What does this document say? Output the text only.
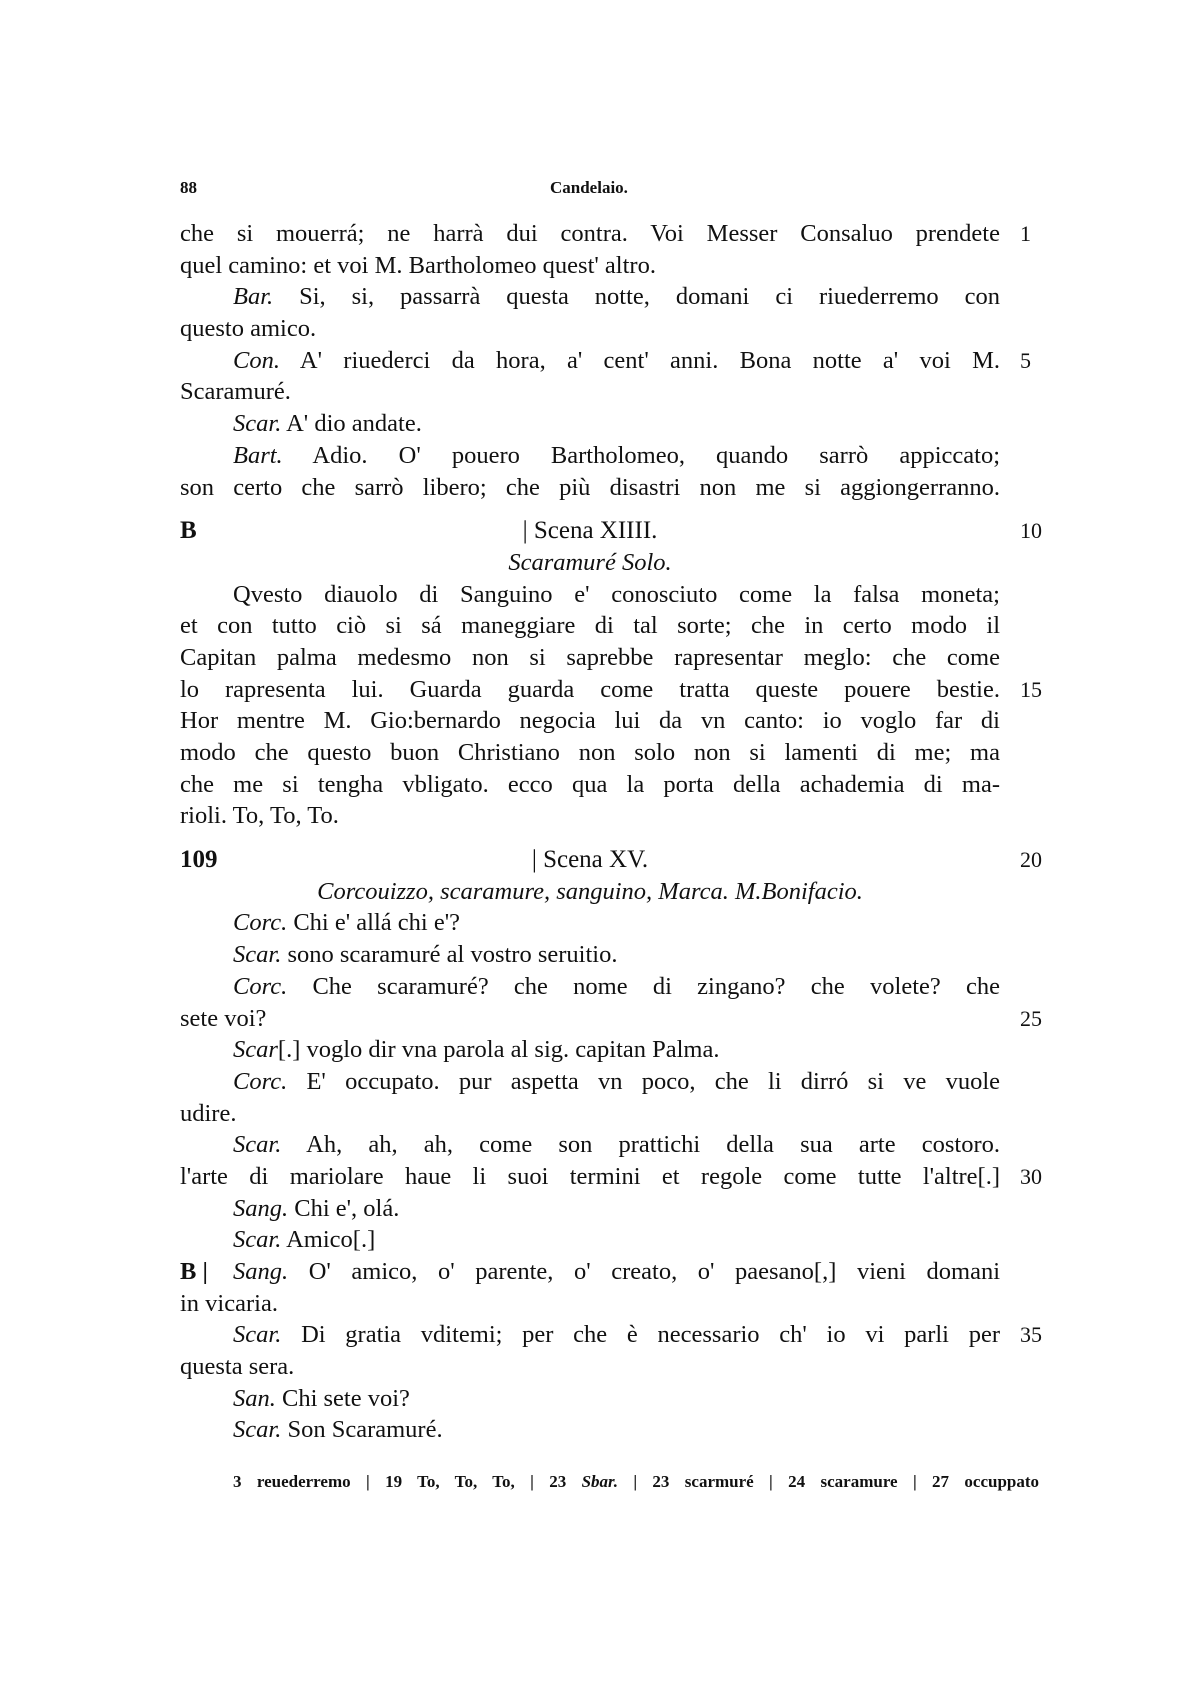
88	Candelaio.
che si mouerrá; ne harrà dui contra. Voi Messer Consaluo prendete 1
quel camino: et voi M. Bartholomeo quest' altro.
Bar. Si, si, passarrà questa notte, domani ci riuederremo con
questo amico.
Con. A' riuederci da hora, a' cent' anni. Bona notte a' voi M. 5
Scaramuré.
Scar. A' dio andate.
Bart. Adio. O' pouero Bartholomeo, quando sarrò appiccato;
son certo che sarrò libero; che più disastri non me si aggiongerranno.
B	| Scena XIIII.	10
Scaramuré Solo.
Qvesto diauolo di Sanguino e' conosciuto come la falsa moneta;
et con tutto ciò si sá maneggiare di tal sorte; che in certo modo il
Capitan palma medesmo non si saprebbe rapresentar meglo: che come
lo rapresenta lui. Guarda guarda come tratta queste pouere bestie. 15
Hor mentre M. Gio:bernardo negocia lui da vn canto: io voglo far di
modo che questo buon Christiano non solo non si lamenti di me; ma
che me si tengha vbligato. ecco qua la porta della achademia di ma-
rioli. To, To, To.
109	| Scena XV.	20
Corcouizzo, scaramure, sanguino, Marca. M.Bonifacio.
Corc. Chi e' allá chi e'?
Scar. sono scaramuré al vostro seruitio.
Corc. Che scaramuré? che nome di zingano? che volete? che
sete voi?	25
Scar[.] voglo dir vna parola al sig. capitan Palma.
Corc. E' occupato. pur aspetta vn poco, che li dirró si ve vuole
udire.
Scar. Ah, ah, ah, come son prattichi della sua arte costoro.
l'arte di mariolare haue li suoi termini et regole come tutte l'altre[.] 30
Sang. Chi e', olá.
Scar. Amico[.]
B | Sang. O' amico, o' parente, o' creato, o' paesano[,] vieni domani
in vicaria.
Scar. Di gratia vditemi; per che è necessario ch' io vi parli per 35
questa sera.
San. Chi sete voi?
Scar. Son Scaramuré.
3 reuederremo | 19 To, To, To, | 23 Sbar. | 23 scarmuré | 24 scaramure | 27 occuppato
